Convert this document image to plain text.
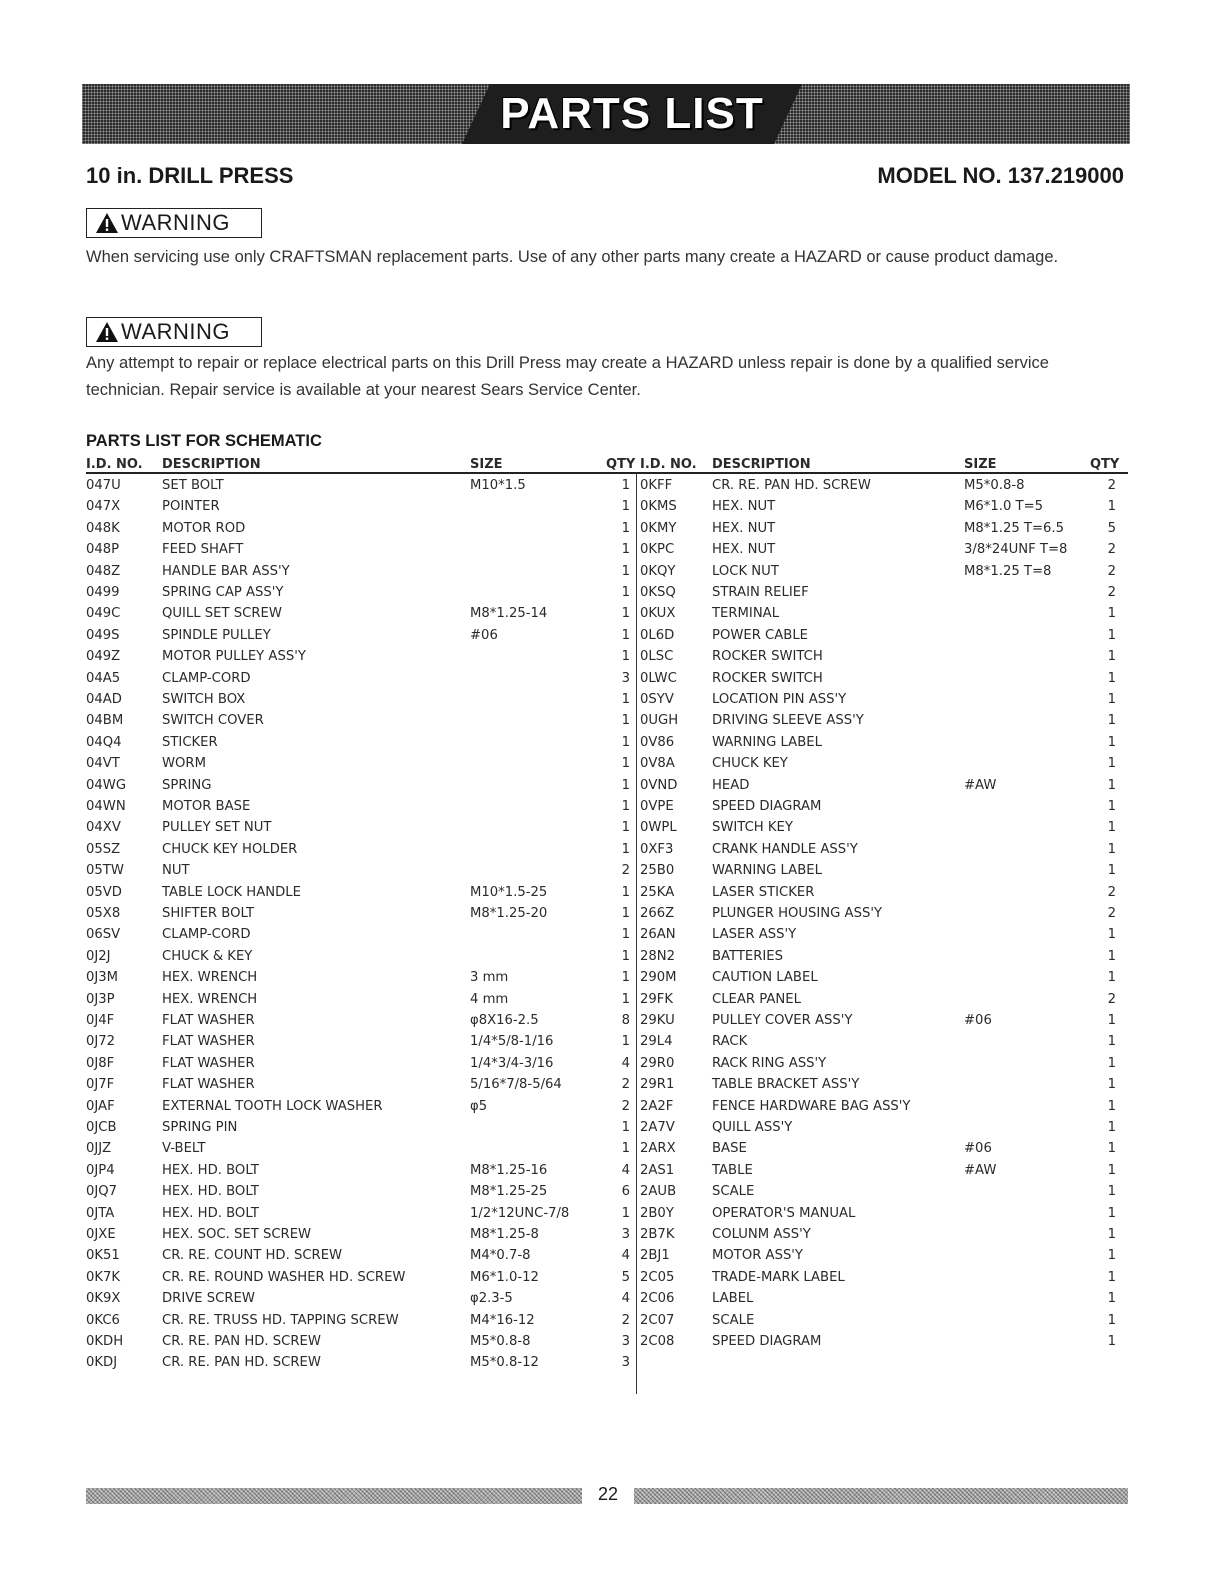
PARTS LIST
10 in. DRILL PRESS	MODEL NO. 137.219000
WARNING
When servicing use only CRAFTSMAN replacement parts. Use of any other parts many create a HAZARD or cause product damage.
WARNING
Any attempt to repair or replace electrical parts on this Drill Press may create a HAZARD unless repair is done by a qualified service technician. Repair service is available at your nearest Sears Service Center.
PARTS LIST FOR SCHEMATIC
I.D. NO. DESCRIPTION	SIZE	QTY I.D. NO. DESCRIPTION	SIZE	QTY
047U	SET BOLT	M10*1.5	1 0KFF	CR. RE. PAN HD. SCREW	M5*0.8-8	2
047X	POINTER	1 0KMS	HEX. NUT	M6*1.0 T=5	1
048K	MOTOR ROD	1 0KMY	HEX. NUT	M8*1.25 T=6.5	5
048P	FEED SHAFT	1 0KPC	HEX. NUT	3/8*24UNF T=8	2
048Z	HANDLE BAR ASS'Y	1 0KQY	LOCK NUT	M8*1.25 T=8	2
0499	SPRING CAP ASS'Y	1 0KSQ	STRAIN RELIEF	2
049C	QUILL SET SCREW	M8*1.25-14	1 0KUX	TERMINAL	1
049S	SPINDLE PULLEY	#06	1 0L6D	POWER CABLE	1
049Z	MOTOR PULLEY ASS'Y	1 0LSC	ROCKER SWITCH	1
04A5	CLAMP-CORD	3 0LWC	ROCKER SWITCH	1
04AD	SWITCH BOX	1 0SYV	LOCATION PIN ASS'Y	1
04BM	SWITCH COVER	1 0UGH	DRIVING SLEEVE ASS'Y	1
04Q4	STICKER	1 0V86	WARNING LABEL	1
04VT	WORM	1 0V8A	CHUCK KEY	1
04WG	SPRING	1 0VND	HEAD	#AW	1
04WN	MOTOR BASE	1 0VPE	SPEED DIAGRAM	1
04XV	PULLEY SET NUT	1 0WPL	SWITCH KEY	1
05SZ	CHUCK KEY HOLDER	1 0XF3	CRANK HANDLE ASS'Y	1
05TW	NUT	2 25B0	WARNING LABEL	1
05VD	TABLE LOCK HANDLE	M10*1.5-25	1 25KA	LASER STICKER	2
05X8	SHIFTER BOLT	M8*1.25-20	1 266Z	PLUNGER HOUSING ASS'Y	2
06SV	CLAMP-CORD	1 26AN	LASER ASS'Y	1
0J2J	CHUCK & KEY	1 28N2	BATTERIES	1
0J3M	HEX. WRENCH	3 mm	1 290M	CAUTION LABEL	1
0J3P	HEX. WRENCH	4 mm	1 29FK	CLEAR PANEL	2
0J4F	FLAT WASHER	φ8X16-2.5	8 29KU	PULLEY COVER ASS'Y	#06	1
0J72	FLAT WASHER	1/4*5/8-1/16	1 29L4	RACK	1
0J8F	FLAT WASHER	1/4*3/4-3/16	4 29R0	RACK RING ASS'Y	1
0J7F	FLAT WASHER	5/16*7/8-5/64	2 29R1	TABLE BRACKET ASS'Y	1
0JAF	EXTERNAL TOOTH LOCK WASHER	φ5	2 2A2F	FENCE HARDWARE BAG ASS'Y	1
0JCB	SPRING PIN	1 2A7V	QUILL ASS'Y	1
0JJZ	V-BELT	1 2ARX	BASE	#06	1
0JP4	HEX. HD. BOLT	M8*1.25-16	4 2AS1	TABLE	#AW	1
0JQ7	HEX. HD. BOLT	M8*1.25-25	6 2AUB	SCALE	1
0JTA	HEX. HD. BOLT	1/2*12UNC-7/8	1 2B0Y	OPERATOR'S MANUAL	1
0JXE	HEX. SOC. SET SCREW	M8*1.25-8	3 2B7K	COLUNM ASS'Y	1
0K51	CR. RE. COUNT HD. SCREW	M4*0.7-8	4 2BJ1	MOTOR ASS'Y	1
0K7K	CR. RE. ROUND WASHER HD. SCREW	M6*1.0-12	5 2C05	TRADE-MARK LABEL	1
0K9X	DRIVE SCREW	φ2.3-5	4 2C06	LABEL	1
0KC6	CR. RE. TRUSS HD. TAPPING SCREW	M4*16-12	2 2C07	SCALE	1
0KDH	CR. RE. PAN HD. SCREW	M5*0.8-8	3 2C08	SPEED DIAGRAM	1
0KDJ	CR. RE. PAN HD. SCREW	M5*0.8-12	3
22
